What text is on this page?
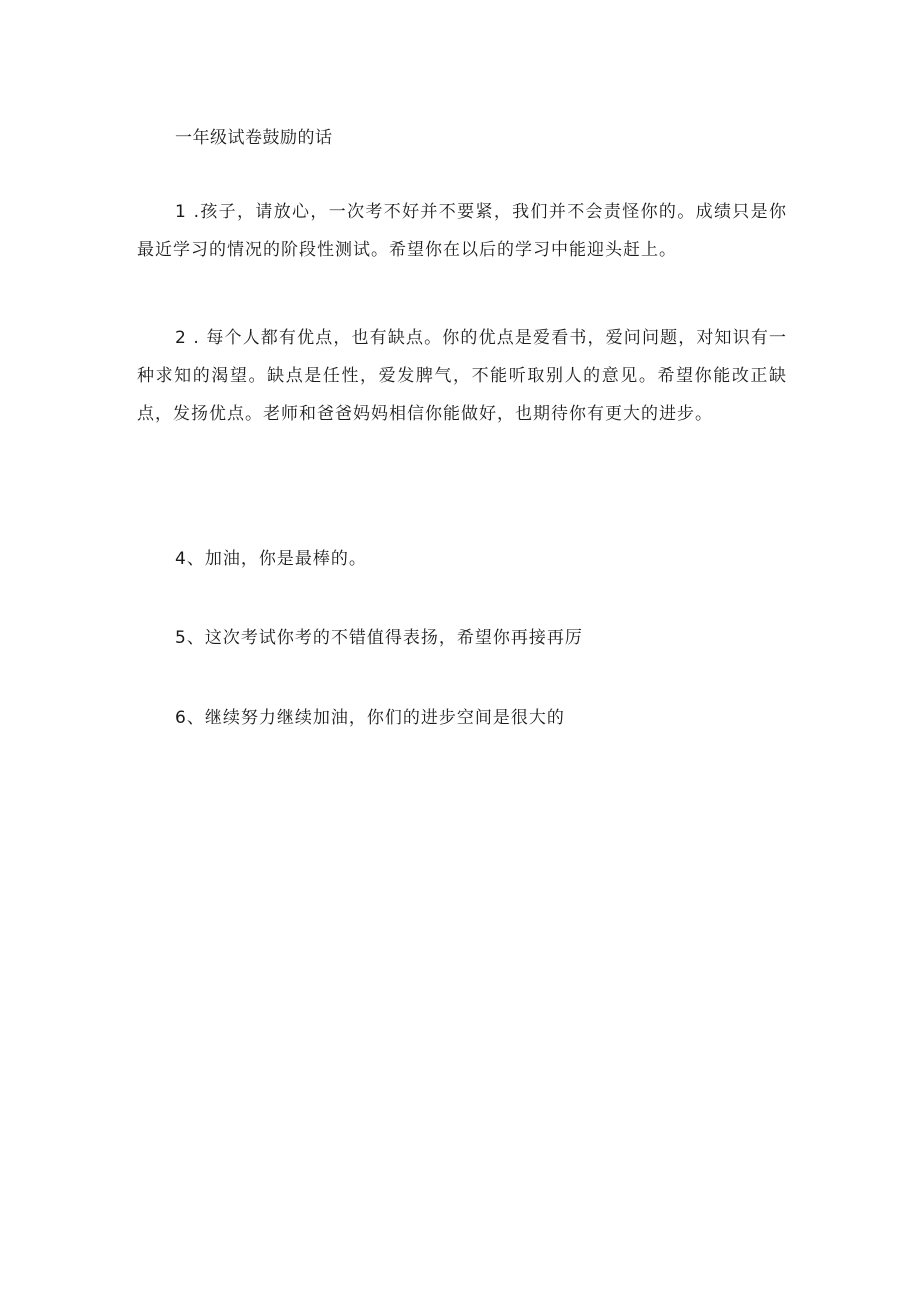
一年级试卷鼓励的话
1 .孩子，请放心，一次考不好并不要紧，我们并不会责怪你的。成绩只是你最近学习的情况的阶段性测试。希望你在以后的学习中能迎头赶上。
2 . 每个人都有优点，也有缺点。你的优点是爱看书，爱问问题，对知识有一种求知的渴望。缺点是任性，爱发脾气，不能听取别人的意见。希望你能改正缺点，发扬优点。老师和爸爸妈妈相信你能做好，也期待你有更大的进步。
4、加油，你是最棒的。
5、这次考试你考的不错值得表扬，希望你再接再厉
6、继续努力继续加油，你们的进步空间是很大的
